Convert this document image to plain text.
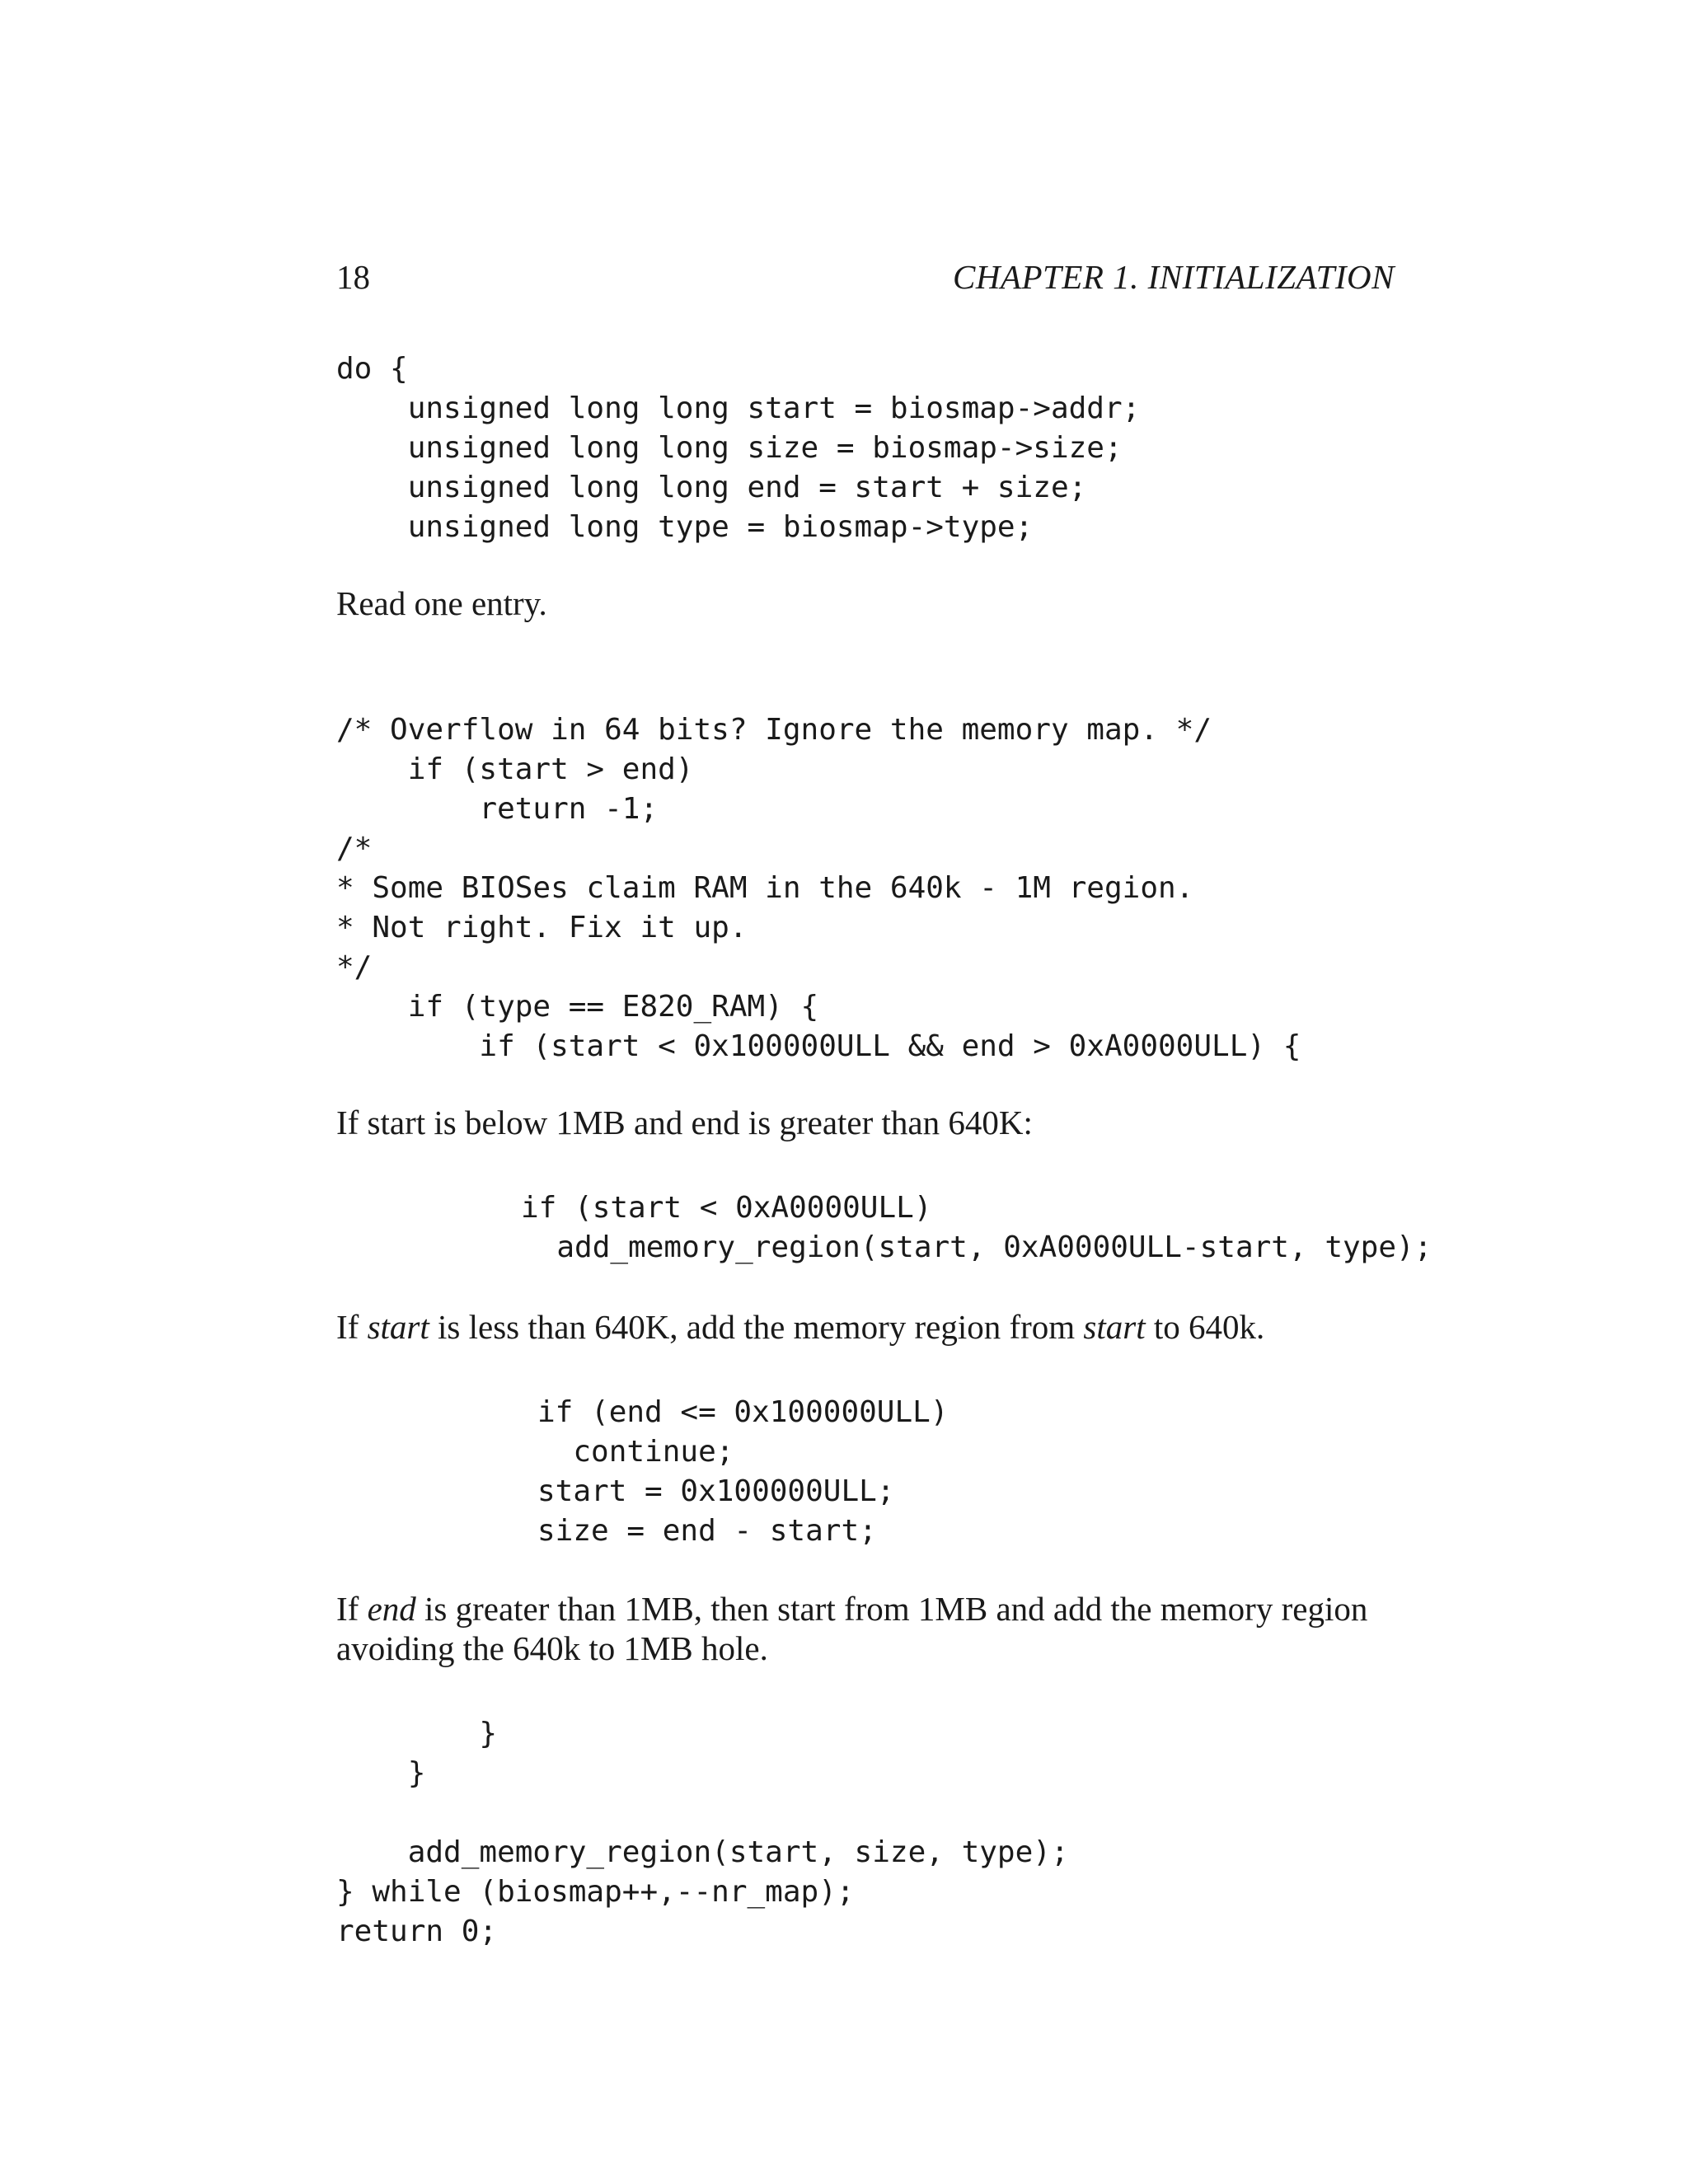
18	CHAPTER 1. INITIALIZATION
do {
unsigned long long start = biosmap->addr;
unsigned long long size = biosmap->size;
unsigned long long end = start + size;
unsigned long type = biosmap->type;

Read one entry.

/* Overflow in 64 bits? Ignore the memory map. */
if (start > end)
return -1;
/*
* Some BIOSes claim RAM in the 640k - 1M region.
* Not right. Fix it up.
*/
if (type == E820_RAM) {
if (start < 0x100000ULL && end > 0xA0000ULL) {

If start is below 1MB and end is greater than 640K:

if (start < 0xA0000ULL)
add_memory_region(start, 0xA0000ULL-start, type);

If start is less than 640K, add the memory region from start to 640k.

if (end <= 0x100000ULL)
continue;
start = 0x100000ULL;
size = end - start;

If end is greater than 1MB, then start from 1MB and add the memory region avoiding the 640k to 1MB hole.

}
}

add_memory_region(start, size, type);
} while (biosmap++,--nr_map);
return 0;
